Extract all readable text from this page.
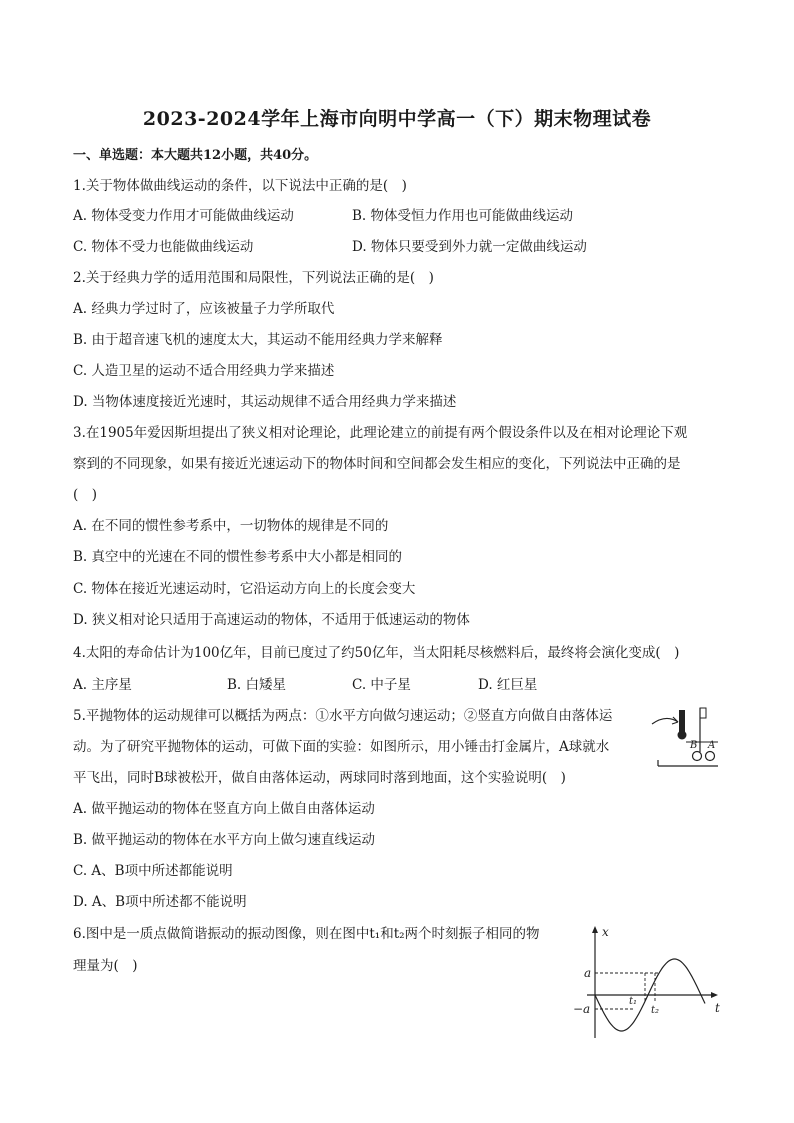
2023-2024学年上海市向明中学高一（下）期末物理试卷
一、单选题：本大题共12小题，共40分。
1.关于物体做曲线运动的条件，以下说法中正确的是(　)
A. 物体受变力作用才可能做曲线运动	B. 物体受恒力作用也可能做曲线运动
C. 物体不受力也能做曲线运动	D. 物体只要受到外力就一定做曲线运动
2.关于经典力学的适用范围和局限性，下列说法正确的是(　)
A. 经典力学过时了，应该被量子力学所取代
B. 由于超音速飞机的速度太大，其运动不能用经典力学来解释
C. 人造卫星的运动不适合用经典力学来描述
D. 当物体速度接近光速时，其运动规律不适合用经典力学来描述
3.在1905年爱因斯坦提出了狭义相对论理论，此理论建立的前提有两个假设条件以及在相对论理论下观
察到的不同现象，如果有接近光速运动下的物体时间和空间都会发生相应的变化，下列说法中正确的是
(　)
A. 在不同的惯性参考系中，一切物体的规律是不同的
B. 真空中的光速在不同的惯性参考系中大小都是相同的
C. 物体在接近光速运动时，它沿运动方向上的长度会变大
D. 狭义相对论只适用于高速运动的物体，不适用于低速运动的物体
4.太阳的寿命估计为100亿年，目前已度过了约50亿年，当太阳耗尽核燃料后，最终将会演化变成(　)
A. 主序星	B. 白矮星	C. 中子星	D. 红巨星
5.平抛物体的运动规律可以概括为两点：①水平方向做匀速运动；②竖直方向做自由落体运
动。为了研究平抛物体的运动，可做下面的实验：如图所示，用小锤击打金属片，A球就水
平飞出，同时B球被松开，做自由落体运动，两球同时落到地面，这个实验说明(　)
A. 做平抛运动的物体在竖直方向上做自由落体运动
B. 做平抛运动的物体在水平方向上做匀速直线运动
C. A、B项中所述都能说明
D. A、B项中所述都不能说明
B A
6.图中是一质点做简谐振动的振动图像，则在图中t₁和t₂两个时刻振子相同的物
理量为(　)
x
a
−a	t
t₁
t₂
